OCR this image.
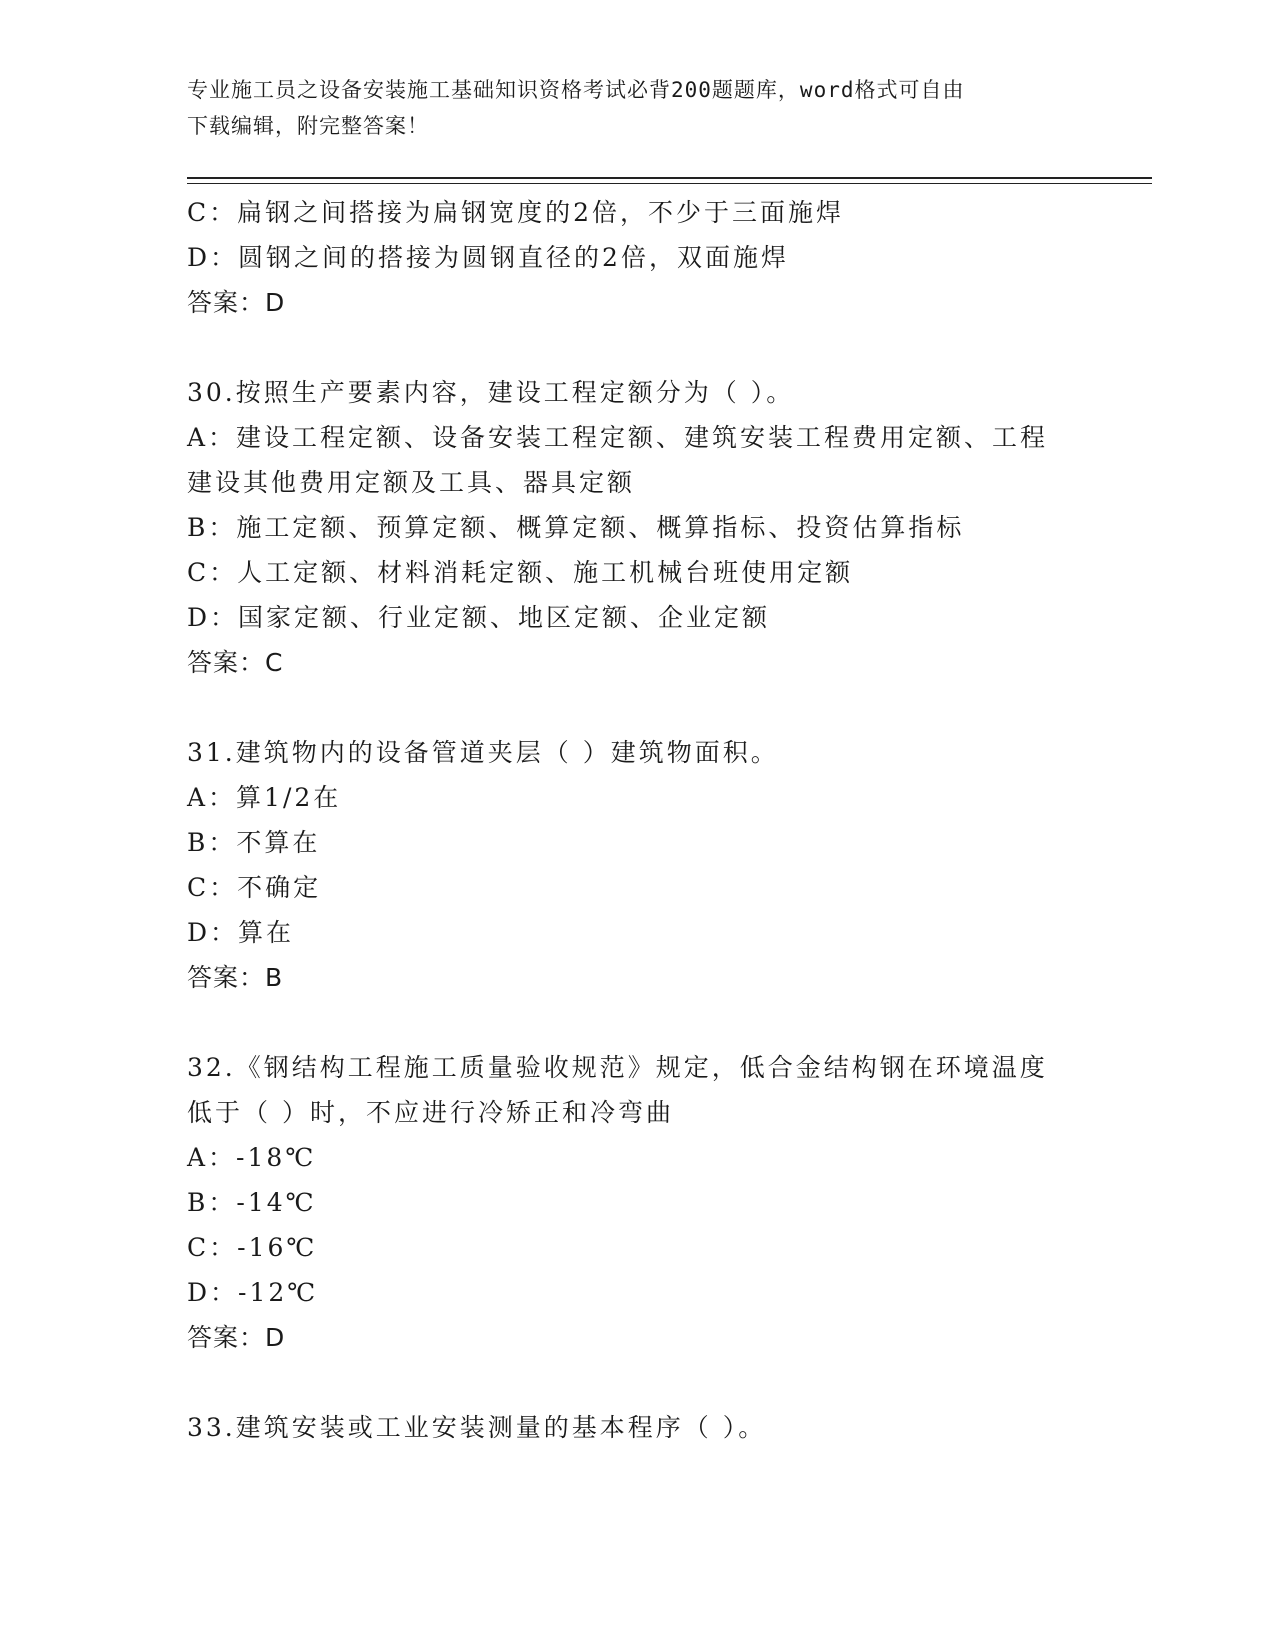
专业施工员之设备安装施工基础知识资格考试必背200题题库，word格式可自由
下载编辑，附完整答案！
C：扁钢之间搭接为扁钢宽度的2倍，不少于三面施焊
D：圆钢之间的搭接为圆钢直径的2倍，双面施焊
答案：D
30.按照生产要素内容，建设工程定额分为（ ）。
A：建设工程定额、设备安装工程定额、建筑安装工程费用定额、工程
建设其他费用定额及工具、器具定额
B：施工定额、预算定额、概算定额、概算指标、投资估算指标
C：人工定额、材料消耗定额、施工机械台班使用定额
D：国家定额、行业定额、地区定额、企业定额
答案：C
31.建筑物内的设备管道夹层（ ）建筑物面积。
A：算1/2在
B：不算在
C：不确定
D：算在
答案：B
32.《钢结构工程施工质量验收规范》规定，低合金结构钢在环境温度
低于（ ）时，不应进行冷矫正和冷弯曲
A：-18℃
B：-14℃
C：-16℃
D：-12℃
答案：D
33.建筑安装或工业安装测量的基本程序（ ）。
